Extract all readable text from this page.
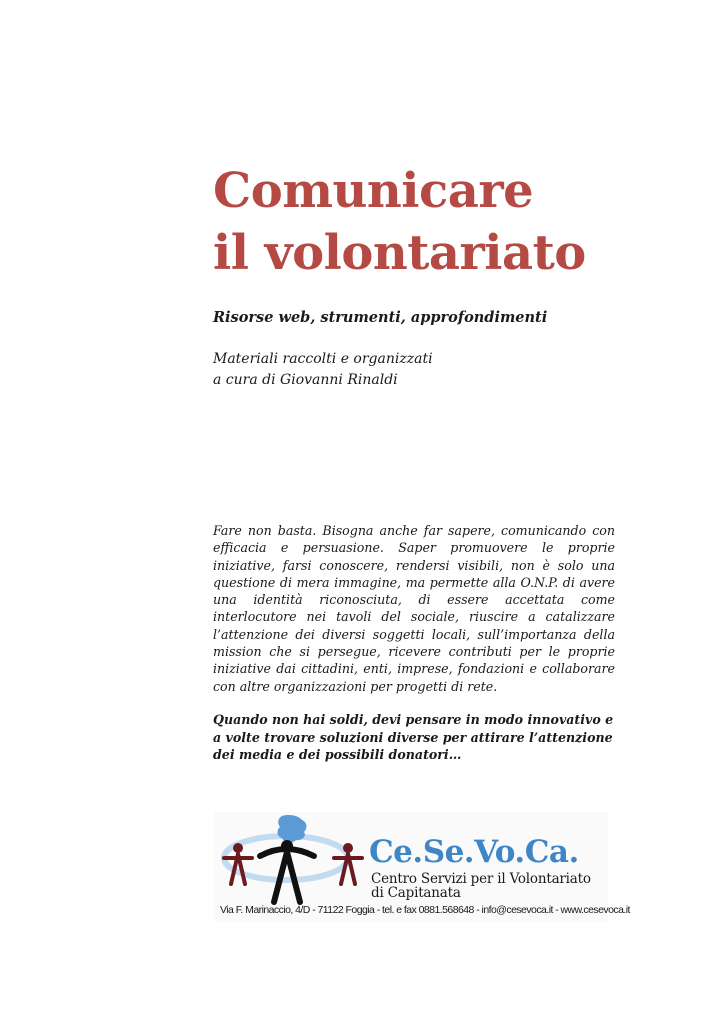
Comunicare
il volontariato

Risorse web, strumenti, approfondimenti

Materiali raccolti e organizzati
a cura di Giovanni Rinaldi

Fare non basta. Bisogna anche far sapere, comunicando con efficacia e persuasione. Saper promuovere le proprie iniziative, farsi conoscere, rendersi visibili, non è solo una questione di mera immagine, ma permette alla O.N.P. di avere una identità riconosciuta, di essere accettata come interlocutore nei tavoli del sociale, riuscire a catalizzare l’attenzione dei diversi soggetti locali, sull’importanza della mission che si persegue, ricevere contributi per le proprie iniziative dai cittadini, enti, imprese, fondazioni e collaborare con altre organizzazioni per progetti di rete.

Quando non hai soldi, devi pensare in modo innovativo e a volte trovare soluzioni diverse per attirare l’attenzione dei media e dei possibili donatori…

Ce.Se.Vo.Ca.
Centro Servizi per il Volontariato
di Capitanata
Via F. Marinaccio, 4/D - 71122 Foggia - tel. e fax 0881.568648 - info@cesevoca.it - www.cesevoca.it
